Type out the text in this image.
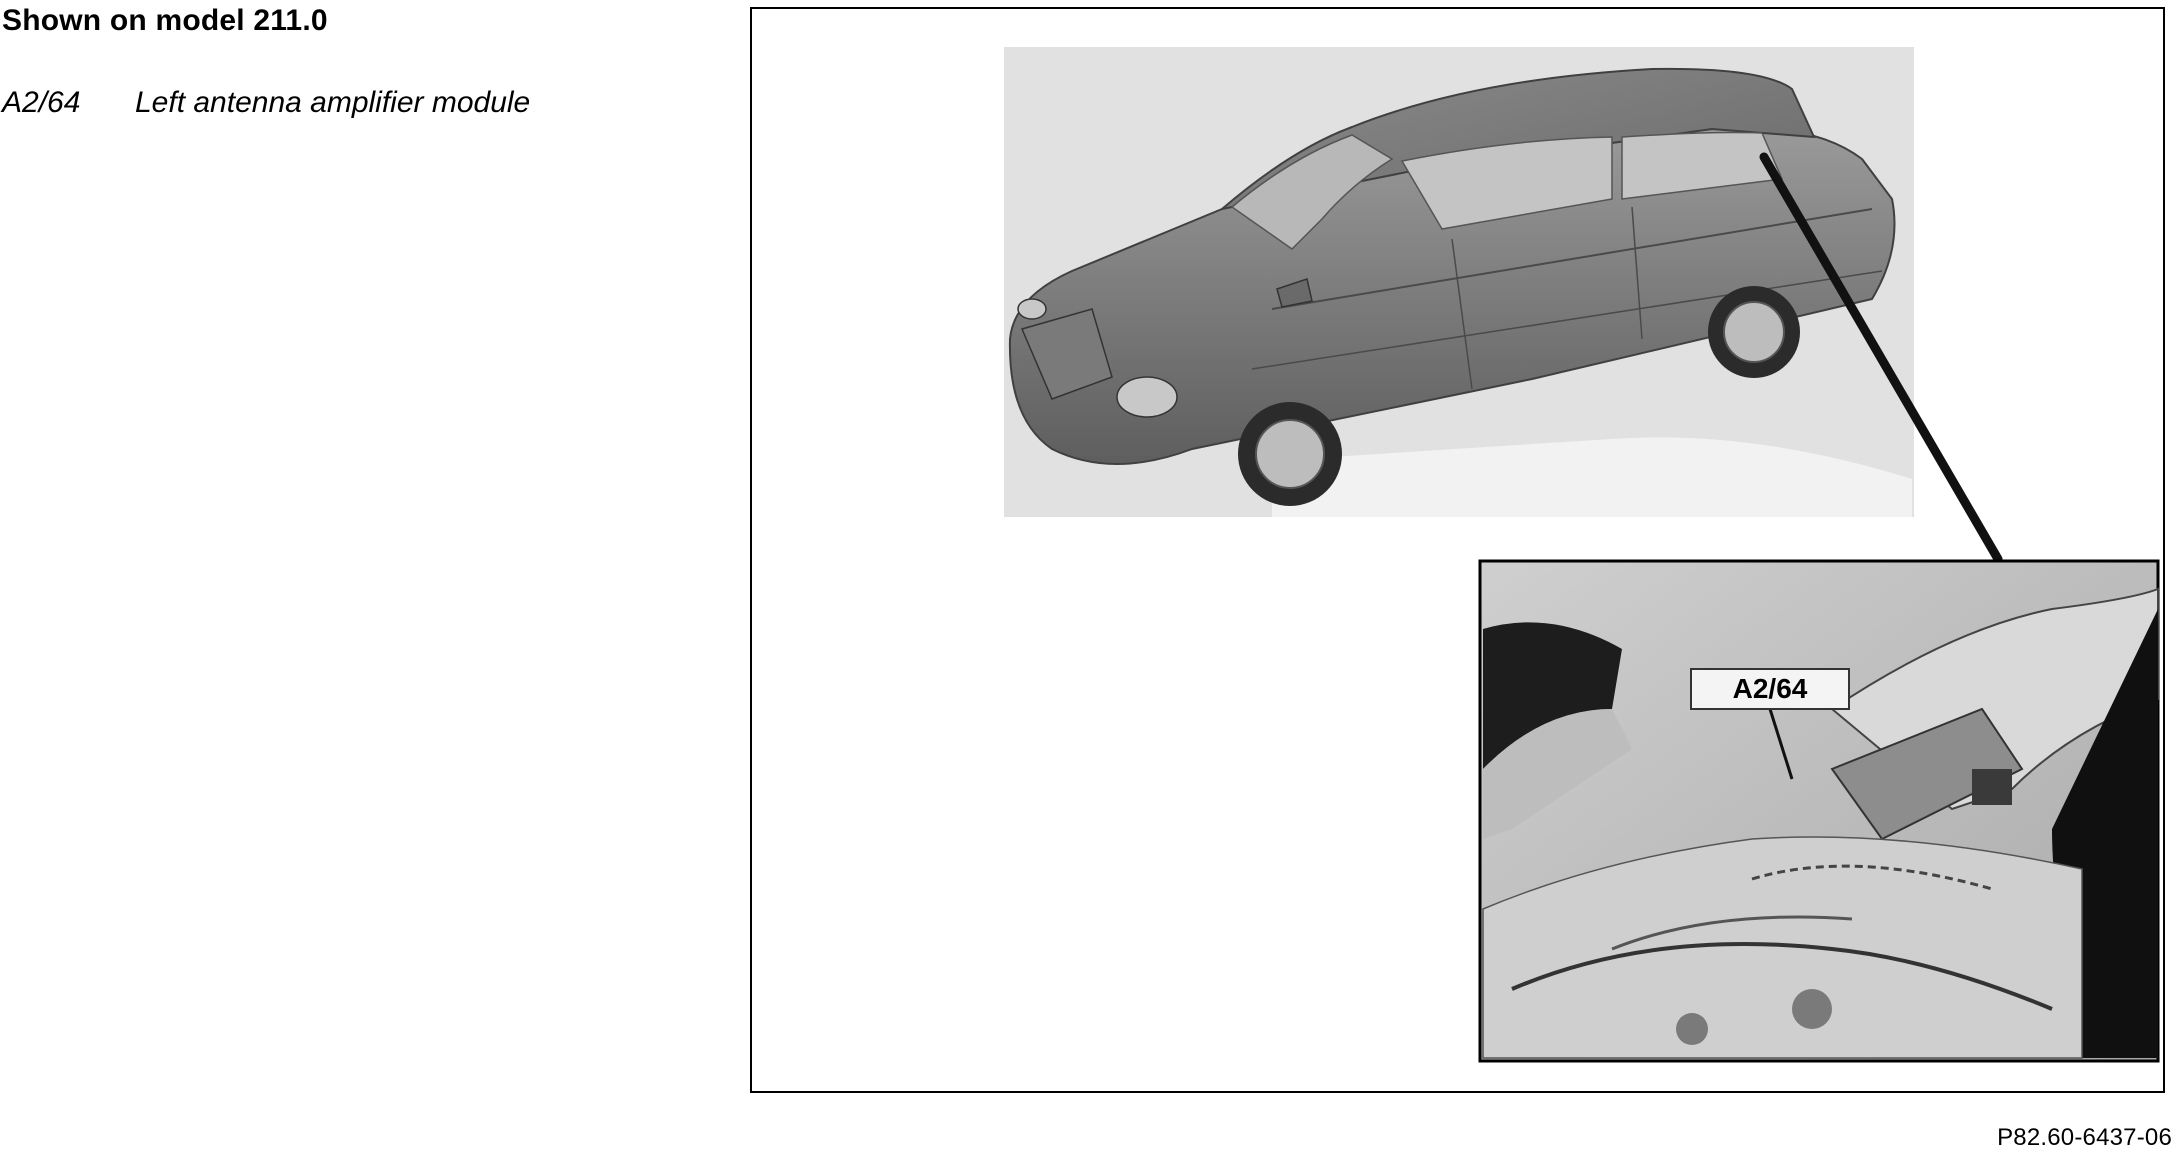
Shown on model 211.0
A2/64	Left antenna amplifier module
A2/64
P82.60-6437-06
